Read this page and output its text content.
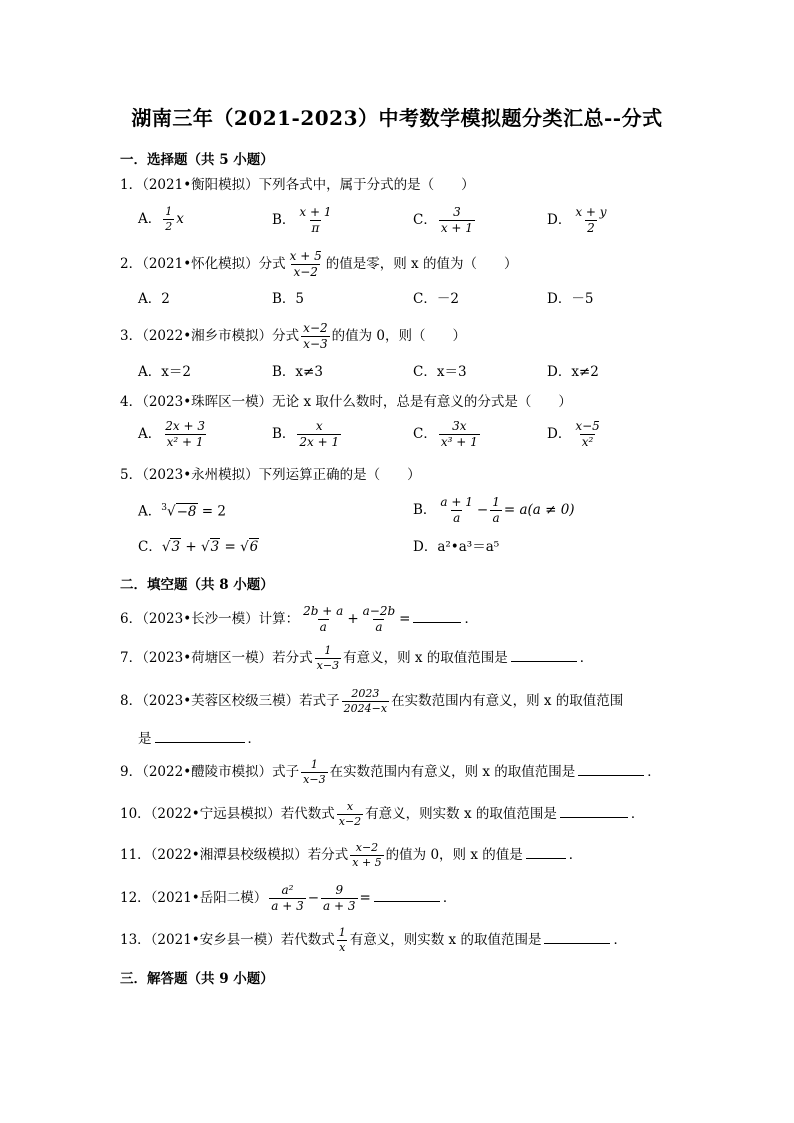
湖南三年（2021-2023）中考数学模拟题分类汇总--分式
一．选择题（共 5 小题）
1．（2021•衡阳模拟）下列各式中，属于分式的是（　　）
A． $\frac{1}{2}$ x	B． $\frac{x + 1}{\pi}$	C． $\frac{3}{x + 1}$	D． $\frac{x + y}{2}$
2．（2021•怀化模拟）分式 $\frac{x + 5}{x-2}$ 的值是零，则 x 的值为（　　）
A．2	B．5	C．－2	D．－5
3．（2022•湘乡市模拟）分式 $\frac{x-2}{x-3}$ 的值为 0，则（　　）
A．x＝2	B．x≠3	C．x＝3	D．x≠2
4．（2023•珠晖区一模）无论 x 取什么数时，总是有意义的分式是（　　）
A． $\frac{2x + 3}{\text{x² + 1}}$	B． $\frac{x}{2x + 1}$	C． $\frac{3x}{\text{x³ + 1}}$	D． $\frac{x-5}{\text{x²}}$
5．（2023•永州模拟）下列运算正确的是（　　）
A．$^3$√−8 = 2	B． $\frac{a + 1}{a} - \frac{1}{a} = a(a \ne 0)$
C．√3 + √3 = √6	D．a²•a³＝a⁵
二．填空题（共 8 小题）
6．（2023•长沙一模）计算： $\frac{2b + a}{a} + \frac{a-2b}{a}$ =	．
7．（2023•荷塘区一模）若分式 $\frac{1}{x-3}$ 有意义，则 x 的取值范围是	．
8．（2023•芙蓉区校级三模）若式子 $\frac{2023}{2024-x}$ 在实数范围内有意义，则 x 的取值范围
是	．
9．（2022•醴陵市模拟）式子 $\frac{1}{x-3}$ 在实数范围内有意义，则 x 的取值范围是	．
10．（2022•宁远县模拟）若代数式 $\frac{x}{x-2}$ 有意义，则实数 x 的取值范围是	．
11．（2022•湘潭县校级模拟）若分式 $\frac{x-2}{x + 5}$ 的值为 0，则 x 的值是	．
12．（2021•岳阳二模） $\frac{\text{a²}}{a + 3} - \frac{9}{a + 3}$ =	．
13．（2021•安乡县一模）若代数式 $\frac{1}{x}$ 有意义，则实数 x 的取值范围是	．
三．解答题（共 9 小题）
